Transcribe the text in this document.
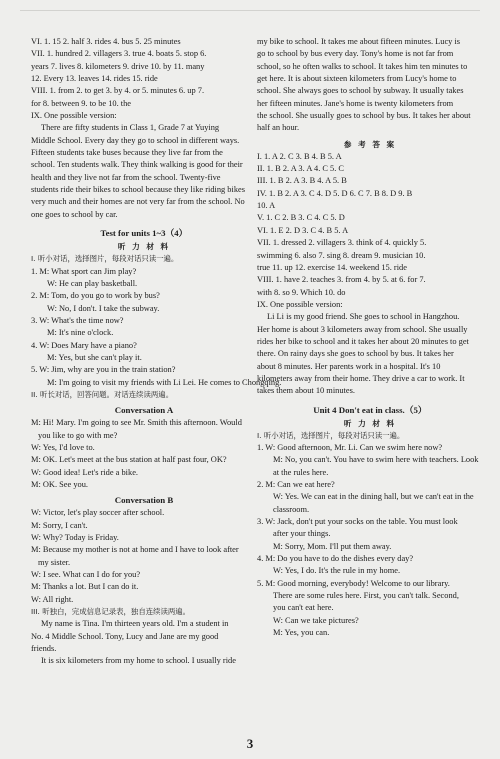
VI. 1. 15 2. half 3. rides 4. bus 5. 25 minutes
VII. 1. hundred 2. villagers 3. true 4. boats 5. stop 6.
years 7. lives 8. kilometers 9. drive 10. by 11. many
12. Every 13. leaves 14. rides 15. ride
VIII. 1. from 2. to get 3. by 4. or 5. minutes 6. up 7.
for 8. between 9. to be 10. the
IX. One possible version:
There are fifty students in Class 1, Grade 7 at Yuying
Middle School. Every day they go to school in different ways.
Fifteen students take buses because they live far from the
school. Ten students walk. They think walking is good for their
health and they live not far from the school. Twenty-five
students ride their bikes to school because they like riding bikes
very much and their homes are not very far from the school. No
one goes to school by car.
Test for units 1~3（4）
听 力 材 料
I. 听小对话，选择图片，每段对话只读一遍。
1. M: What sport can Jim play?
W: He can play basketball.
2. M: Tom, do you go to work by bus?
W: No, I don't. I take the subway.
3. W: What's the time now?
M: It's nine o'clock.
4. W: Does Mary have a piano?
M: Yes, but she can't play it.
5. W: Jim, why are you in the train station?
M: I'm going to visit my friends with Li Lei. He comes to Chongqing.
II. 听长对话，回答问题。对话连续读两遍。
Conversation A
M: Hi! Mary. I'm going to see Mr. Smith this afternoon. Would
you like to go with me?
W: Yes, I'd love to.
M: OK. Let's meet at the bus station at half past four, OK?
W: Good idea! Let's ride a bike.
M: OK. See you.
Conversation B
W: Victor, let's play soccer after school.
M: Sorry, I can't.
W: Why? Today is Friday.
M: Because my mother is not at home and I have to look after
my sister.
W: I see. What can I do for you?
M: Thanks a lot. But I can do it.
W: All right.
III. 听独白，完成信息记录表，独自连续读两遍。
My name is Tina. I'm thirteen years old. I'm a student in
No. 4 Middle School. Tony, Lucy and Jane are my good
friends.
It is six kilometers from my home to school. I usually ride
my bike to school. It takes me about fifteen minutes. Lucy is
go to school by bus every day. Tony's home is not far from
school, so he often walks to school. It takes him ten minutes to
get here. It is about sixteen kilometers from Lucy's home to
school. She always goes to school by subway. It usually takes
her fifteen minutes. Jane's home is twenty kilometers from
the school. She usually goes to school by bus. It takes her about
half an hour.
参 考 答 案
I. 1. A 2. C 3. B 4. B 5. A
II. 1. B 2. A 3. A 4. C 5. C
III. 1. B 2. A 3. B 4. A 5. B
IV. 1. B 2. A 3. C 4. D 5. D 6. C 7. B 8. D 9. B
10. A
V. 1. C 2. B 3. C 4. C 5. D
VI. 1. E 2. D 3. C 4. B 5. A
VII. 1. dressed 2. villagers 3. think of 4. quickly 5.
swimming 6. also 7. sing 8. dream 9. musician 10.
true 11. up 12. exercise 14. weekend 15. ride
VIII. 1. have 2. teaches 3. from 4. by 5. at 6. for 7.
with 8. so 9. Which 10. do
IX. One possible version:
Li Li is my good friend. She goes to school in Hangzhou.
Her home is about 3 kilometers away from school. She usually
rides her bike to school and it takes her about 20 minutes to get
there. On rainy days she goes to school by bus. It takes her
about 8 minutes. Her parents work in a hospital. It's 10
kilometers away from their home. They drive a car to work. It
takes them about 10 minutes.
Unit 4 Don't eat in class.（5）
听 力 材 料
I. 听小对话，选择图片，每段对话只读一遍。
1. W: Good afternoon, Mr. Li. Can we swim here now?
M: No, you can't. You have to swim here with teachers. Look
at the rules here.
2. M: Can we eat here?
W: Yes. We can eat in the dining hall, but we can't eat in the
classroom.
3. W: Jack, don't put your socks on the table. You must look
after your things.
M: Sorry, Mom. I'll put them away.
4. M: Do you have to do the dishes every day?
W: Yes, I do. It's the rule in my home.
5. M: Good morning, everybody! Welcome to our library.
There are some rules here. First, you can't talk. Second,
you can't eat here.
W: Can we take pictures?
M: Yes, you can.
3
